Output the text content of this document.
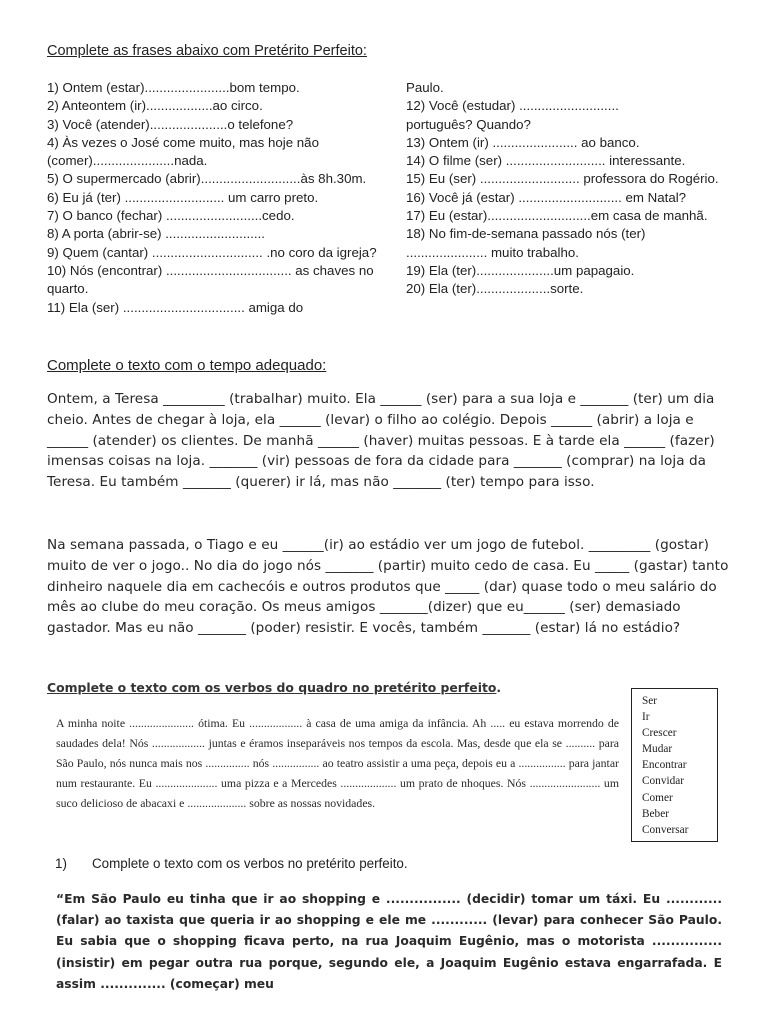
Complete as frases abaixo com Pretérito Perfeito:
1) Ontem (estar).......................bom tempo.
2) Anteontem (ir)..................ao circo.
3) Você (atender).....................o telefone?
4) Às vezes o José come muito, mas hoje não (comer)......................nada.
5) O supermercado (abrir)...........................às 8h.30m.
6) Eu já (ter) ........................... um carro preto.
7) O banco (fechar) ..........................cedo.
8) A porta (abrir-se) ...........................
9) Quem (cantar) .............................. .no coro da igreja?
10) Nós (encontrar) .................................. as chaves no quarto.
11) Ela (ser) ................................. amiga do
Paulo.
12) Você (estudar) ...........................
português? Quando?
13) Ontem (ir) ....................... ao banco.
14) O filme (ser) ........................... interessante.
15) Eu (ser) ........................... professora do Rogério.
16) Você já (estar) ............................ em Natal?
17) Eu (estar)............................em casa de manhã.
18) No fim-de-semana passado nós (ter)
...................... muito trabalho.
19) Ela (ter).....................um papagaio.
20) Ela (ter)....................sorte.
Complete o texto com o tempo adequado:
Ontem, a Teresa _________ (trabalhar) muito. Ela ______ (ser) para a sua loja e _______ (ter) um dia cheio. Antes de chegar à loja, ela ______ (levar) o filho ao colégio. Depois ______ (abrir) a loja e ______ (atender) os clientes. De manhã ______ (haver) muitas pessoas. E à tarde ela ______ (fazer) imensas coisas na loja. _______ (vir) pessoas de fora da cidade para _______ (comprar) na loja da Teresa. Eu também _______ (querer) ir lá, mas não _______ (ter) tempo para isso.
Na semana passada, o Tiago e eu ______(ir) ao estádio ver um jogo de futebol. _________ (gostar) muito de ver o jogo.. No dia do jogo nós _______ (partir) muito cedo de casa. Eu _____ (gastar) tanto dinheiro naquele dia em cachecóis e outros produtos que _____ (dar) quase todo o meu salário do mês ao clube do meu coração. Os meus amigos _______(dizer) que eu______ (ser) demasiado gastador. Mas eu não _______ (poder) resistir. E vocês, também _______ (estar) lá no estádio?
Complete o texto com os verbos do quadro no pretérito perfeito.
A minha noite ...................... ótima. Eu .................. à casa de uma amiga da infância. Ah ..... eu estava morrendo de saudades dela! Nós .................. juntas e éramos inseparáveis nos tempos da escola. Mas, desde que ela se .......... para São Paulo, nós nunca mais nos ............... nós ................ ao teatro assistir a uma peça, depois eu a ................ para jantar num restaurante. Eu ..................... uma pizza e a Mercedes ................... um prato de nhoques. Nós ........................ um suco delicioso de abacaxi e .................... sobre as nossas novidades.
Ser
Ir
Crescer
Mudar
Encontrar
Convidar
Comer
Beber
Conversar
1) Complete o texto com os verbos no pretérito perfeito.
“Em São Paulo eu tinha que ir ao shopping e ................ (decidir) tomar um táxi. Eu ............ (falar) ao taxista que queria ir ao shopping e ele me ............ (levar) para conhecer São Paulo. Eu sabia que o shopping ficava perto, na rua Joaquim Eugênio, mas o motorista ............... (insistir) em pegar outra rua porque, segundo ele, a Joaquim Eugênio estava engarrafada. E assim .............. (começar) meu
